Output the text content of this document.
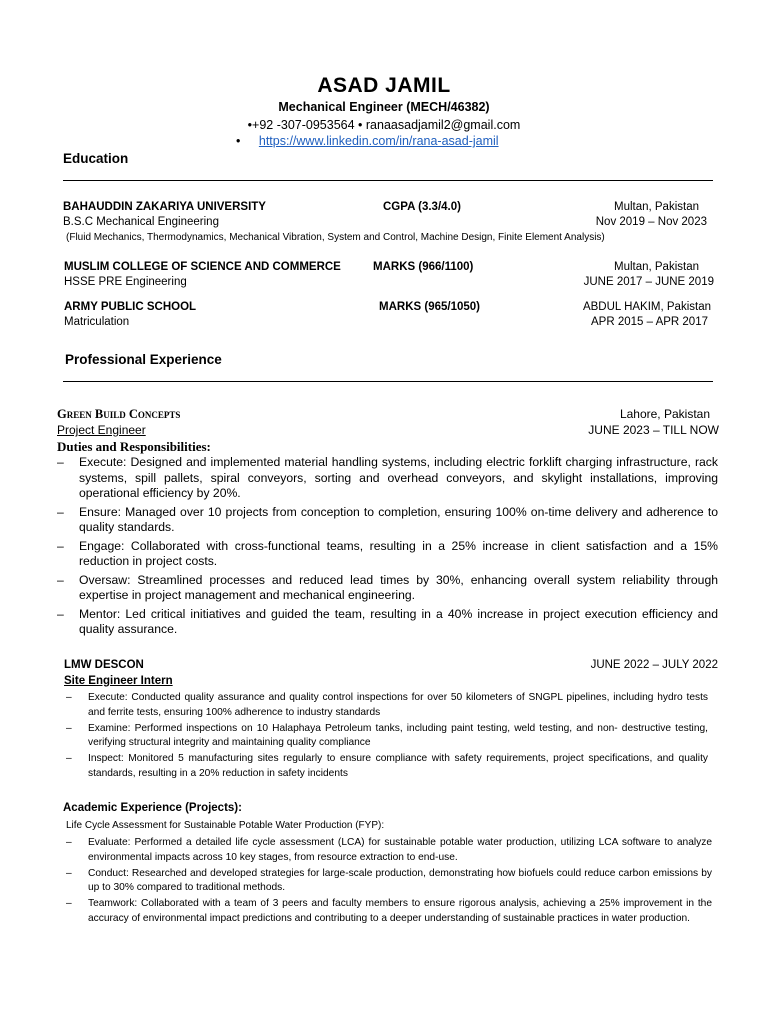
ASAD JAMIL
Mechanical Engineer (MECH/46382)
•+92 -307-0953564 • ranaasadjamil2@gmail.com
• https://www.linkedin.com/in/rana-asad-jamil
Education
BAHAUDDIN ZAKARIYA UNIVERSITY	CGPA (3.3/4.0)	Multan, Pakistan
B.S.C Mechanical Engineering	Nov 2019 – Nov 2023
(Fluid Mechanics, Thermodynamics, Mechanical Vibration, System and Control, Machine Design, Finite Element Analysis)
MUSLIM COLLEGE OF SCIENCE AND COMMERCE	MARKS (966/1100)	Multan, Pakistan
HSSE PRE Engineering	JUNE 2017 – JUNE 2019
ARMY PUBLIC SCHOOL	MARKS (965/1050)	ABDUL HAKIM, Pakistan
Matriculation	APR 2015 – APR 2017
Professional Experience
Green Build Concepts	Lahore, Pakistan
Project Engineer	JUNE 2023 – TILL NOW
Duties and Responsibilities:
– Execute: Designed and implemented material handling systems, including electric forklift charging infrastructure, rack systems, spill pallets, spiral conveyors, sorting and overhead conveyors, and skylight installations, improving operational efficiency by 20%.
– Ensure: Managed over 10 projects from conception to completion, ensuring 100% on-time delivery and adherence to quality standards.
– Engage: Collaborated with cross-functional teams, resulting in a 25% increase in client satisfaction and a 15% reduction in project costs.
– Oversaw: Streamlined processes and reduced lead times by 30%, enhancing overall system reliability through expertise in project management and mechanical engineering.
– Mentor: Led critical initiatives and guided the team, resulting in a 40% increase in project execution efficiency and quality assurance.
LMW DESCON	JUNE 2022 – JULY 2022
Site Engineer Intern
– Execute: Conducted quality assurance and quality control inspections for over 50 kilometers of SNGPL pipelines, including hydro tests and ferrite tests, ensuring 100% adherence to industry standards
– Examine: Performed inspections on 10 Halaphaya Petroleum tanks, including paint testing, weld testing, and non- destructive testing, verifying structural integrity and maintaining quality compliance
– Inspect: Monitored 5 manufacturing sites regularly to ensure compliance with safety requirements, project specifications, and quality standards, resulting in a 20% reduction in safety incidents
Academic Experience (Projects):
Life Cycle Assessment for Sustainable Potable Water Production (FYP):
– Evaluate: Performed a detailed life cycle assessment (LCA) for sustainable potable water production, utilizing LCA software to analyze environmental impacts across 10 key stages, from resource extraction to end-use.
– Conduct: Researched and developed strategies for large-scale production, demonstrating how biofuels could reduce carbon emissions by up to 30% compared to traditional methods.
– Teamwork: Collaborated with a team of 3 peers and faculty members to ensure rigorous analysis, achieving a 25% improvement in the accuracy of environmental impact predictions and contributing to a deeper understanding of sustainable practices in water production.
